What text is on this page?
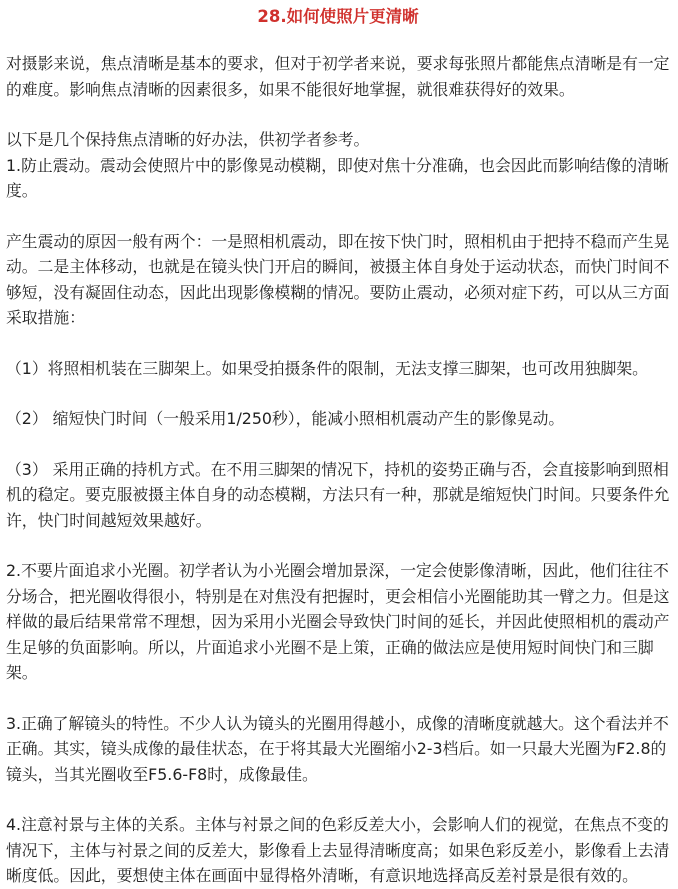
28.如何使照片更清晰

对摄影来说，焦点清晰是基本的要求，但对于初学者来说，要求每张照片都能焦点清晰是有一定的难度。影响焦点清晰的因素很多，如果不能很好地掌握，就很难获得好的效果。

以下是几个保持焦点清晰的好办法，供初学者参考。

1.防止震动。震动会使照片中的影像晃动模糊，即使对焦十分准确，也会因此而影响结像的清晰度。

产生震动的原因一般有两个：一是照相机震动，即在按下快门时，照相机由于把持不稳而产生晃动。二是主体移动，也就是在镜头快门开启的瞬间，被摄主体自身处于运动状态，而快门时间不够短，没有凝固住动态，因此出现影像模糊的情况。要防止震动，必须对症下药，可以从三方面采取措施：

（1）将照相机装在三脚架上。如果受拍摄条件的限制，无法支撑三脚架，也可改用独脚架。

（2） 缩短快门时间（一般采用1/250秒），能减小照相机震动产生的影像晃动。

（3） 采用正确的持机方式。在不用三脚架的情况下，持机的姿势正确与否，会直接影响到照相机的稳定。要克服被摄主体自身的动态模糊，方法只有一种，那就是缩短快门时间。只要条件允许，快门时间越短效果越好。

2.不要片面追求小光圈。初学者认为小光圈会增加景深，一定会使影像清晰，因此，他们往往不分场合，把光圈收得很小，特别是在对焦没有把握时，更会相信小光圈能助其一臂之力。但是这样做的最后结果常常不理想，因为采用小光圈会导致快门时间的延长，并因此使照相机的震动产生足够的负面影响。所以，片面追求小光圈不是上策，正确的做法应是使用短时间快门和三脚架。

3.正确了解镜头的特性。不少人认为镜头的光圈用得越小，成像的清晰度就越大。这个看法并不正确。其实，镜头成像的最佳状态，在于将其最大光圈缩小2-3档后。如一只最大光圈为F2.8的镜头，当其光圈收至F5.6-F8时，成像最佳。

4.注意衬景与主体的关系。主体与衬景之间的色彩反差大小，会影响人们的视觉，在焦点不变的情况下，主体与衬景之间的反差大，影像看上去显得清晰度高；如果色彩反差小，影像看上去清晰度低。因此，要想使主体在画面中显得格外清晰，有意识地选择高反差衬景是很有效的。
